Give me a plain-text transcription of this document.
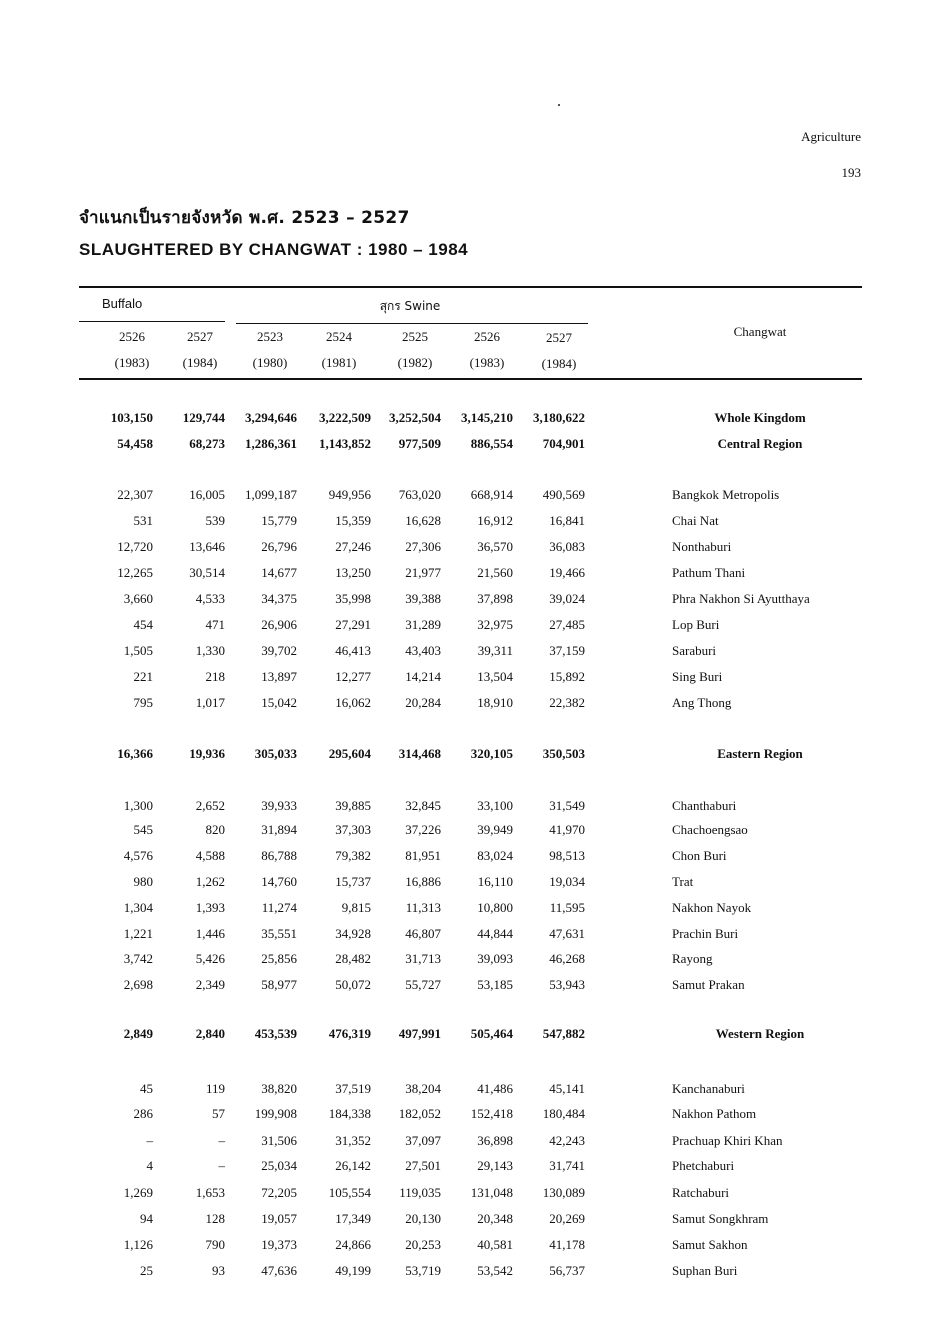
Agriculture
193
จำแนกเป็นรายจังหวัด พ.ศ. 2523 – 2527
SLAUGHTERED BY CHANGWAT : 1980 – 1984
Buffalo	สุกร Swine
Changwat
2526
(1983)
2527
(1984)
2523
(1980)
2524
(1981)
2525
(1982)
2526
(1983)
2527
(1984)
103,150 129,744 3,294,646 3,222,509 3,252,504 3,145,210 3,180,622	Whole Kingdom
54,458	68,273 1,286,361 1,143,852 977,509 886,554 704,901	Central Region
22,307	16,005 1,099,187 949,956 763,020 668,914 490,569	Bangkok Metropolis
531	539	15,779	15,359	16,628	16,912	16,841	Chai Nat
12,720	13,646	26,796	27,246	27,306	36,570	36,083	Nonthaburi
12,265	30,514	14,677	13,250	21,977	21,560	19,466	Pathum Thani
3,660	4,533	34,375	35,998	39,388	37,898	39,024	Phra Nakhon Si Ayutthaya
454	471	26,906	27,291	31,289	32,975	27,485	Lop Buri
1,505	1,330	39,702	46,413	43,403	39,311	37,159	Saraburi
221	218	13,897	12,277	14,214	13,504	15,892	Sing Buri
795	1,017	15,042	16,062	20,284	18,910	22,382	Ang Thong
16,366	19,936 305,033 295,604 314,468 320,105 350,503	Eastern Region
1,300	2,652	39,933	39,885	32,845	33,100	31,549	Chanthaburi
545	820	31,894	37,303	37,226	39,949	41,970	Chachoengsao
4,576	4,588	86,788	79,382	81,951	83,024	98,513	Chon Buri
980	1,262	14,760	15,737	16,886	16,110	19,034	Trat
1,304	1,393	11,274	9,815	11,313	10,800	11,595	Nakhon Nayok
1,221	1,446	35,551	34,928	46,807	44,844	47,631	Prachin Buri
3,742	5,426	25,856	28,482	31,713	39,093	46,268	Rayong
2,698	2,349	58,977	50,072	55,727	53,185	53,943	Samut Prakan
2,849	2,840 453,539 476,319 497,991 505,464 547,882	Western Region
45	119	38,820	37,519	38,204	41,486	45,141	Kanchanaburi
286	57 199,908 184,338 182,052 152,418 180,484	Nakhon Pathom
–	–	31,506	31,352	37,097	36,898	42,243	Prachuap Khiri Khan
4	–	25,034	26,142	27,501	29,143	31,741	Phetchaburi
1,269	1,653	72,205 105,554 119,035 131,048 130,089	Ratchaburi
94	128	19,057	17,349	20,130	20,348	20,269	Samut Songkhram
1,126	790	19,373	24,866	20,253	40,581	41,178	Samut Sakhon
25	93	47,636	49,199	53,719	53,542	56,737	Suphan Buri
